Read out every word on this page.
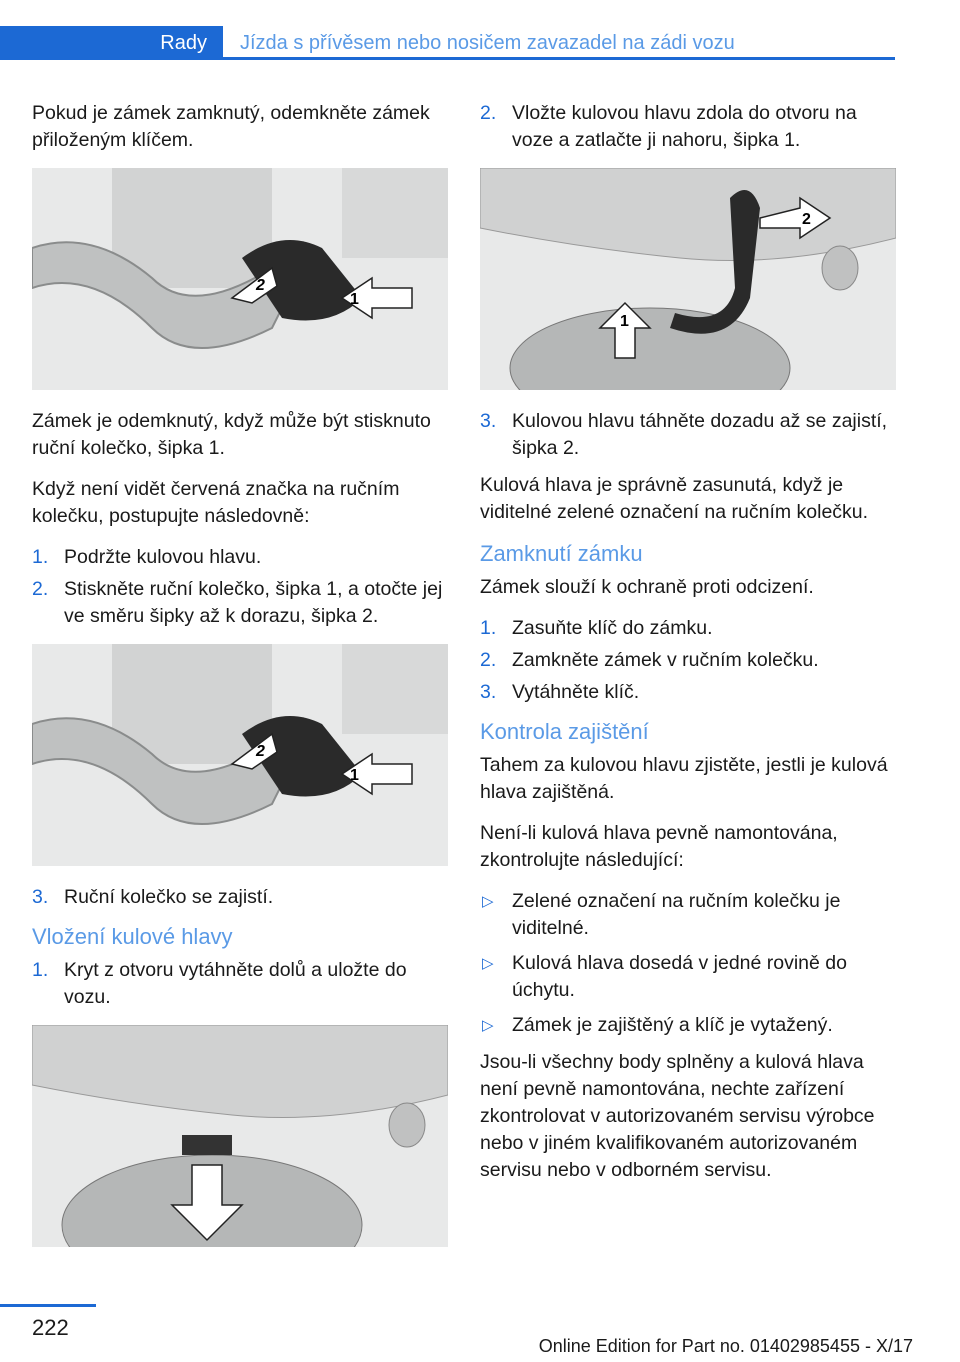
Rady	Jízda s přívěsem nebo nosičem zavazadel na zádi vozu

Pokud je zámek zamknutý, odemkněte zámek přiloženým klíčem.

1
2

Zámek je odemknutý, když může být stisknuto ruční kolečko, šipka 1.

Když není vidět červená značka na ručním kolečku, postupujte následovně:

1. Podržte kulovou hlavu.
2. Stiskněte ruční kolečko, šipka 1, a otočte jej ve směru šipky až k dorazu, šipka 2.
1
2
3. Ruční kolečko se zajistí.
Vložení kulové hlavy
1. Kryt z otvoru vytáhněte dolů a uložte do vozu.
2. Vložte kulovou hlavu zdola do otvoru na voze a zatlačte ji nahoru, šipka 1.
1
2
3. Kulovou hlavu táhněte dozadu až se zajistí, šipka 2.

Kulová hlava je správně zasunutá, když je viditelné zelené označení na ručním kolečku.

Zamknutí zámku

Zámek slouží k ochraně proti odcizení.

1. Zasuňte klíč do zámku.
2. Zamkněte zámek v ručním kolečku.
3. Vytáhněte klíč.
Kontrola zajištění

Tahem za kulovou hlavu zjistěte, jestli je kulová hlava zajištěná.

Není-li kulová hlava pevně namontována, zkontrolujte následující:

▷ Zelené označení na ručním kolečku je viditelné.
▷ Kulová hlava dosedá v jedné rovině do úchytu.
▷ Zámek je zajištěný a klíč je vytažený.

Jsou-li všechny body splněny a kulová hlava není pevně namontována, nechte zařízení zkontrolovat v autorizovaném servisu výrobce nebo v jiném kvalifikovaném autorizovaném servisu nebo v odborném servisu.

222
Online Edition for Part no. 01402985455 - X/17
